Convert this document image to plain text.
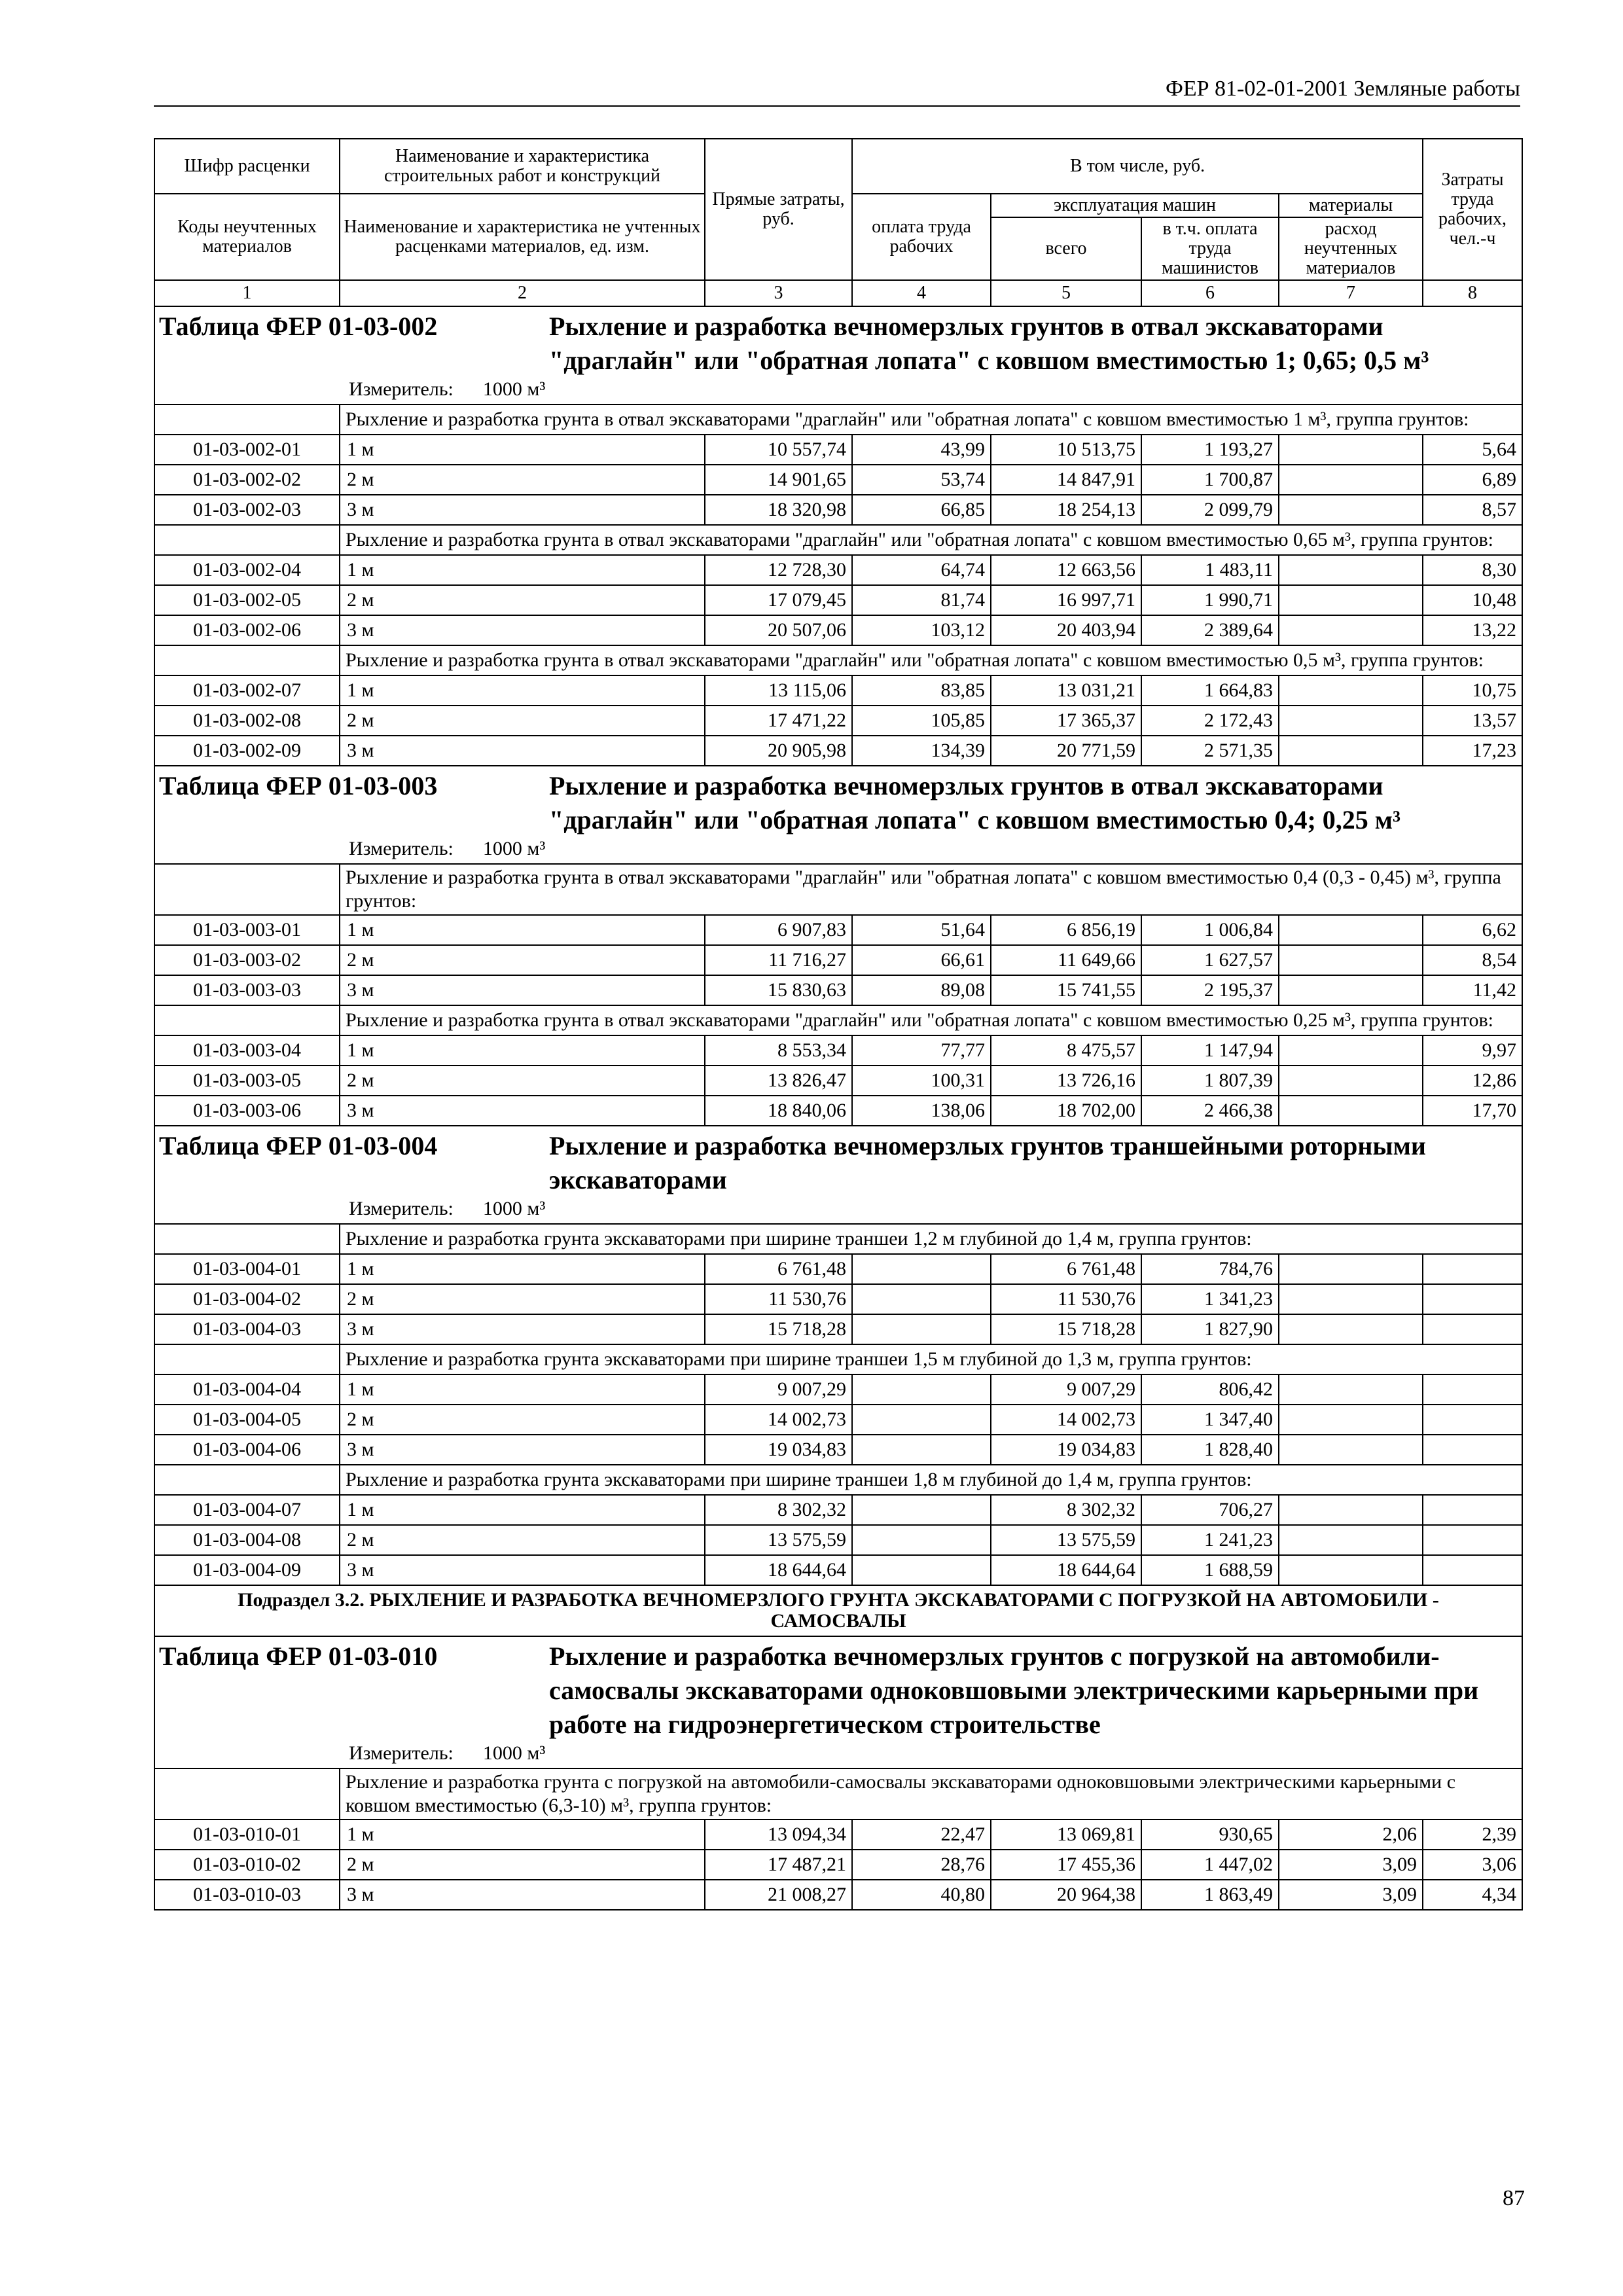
ФЕР 81-02-01-2001 Земляные работы
Шифр расценки	Наименование и характеристика строительных работ и конструкций	Прямые затраты, руб.	В том числе, руб.				Затраты труда рабочих, чел.-ч
Коды неучтенных материалов	Наименование и характеристика не учтенных расценками материалов, ед. изм.						
			оплата труда рабочих	эксплуатация машин		материалы	
				всего	в т.ч. оплата труда машинистов	расход неучтенных материалов	
1	2	3	4	5	6	7	8

Таблица ФЕР 01-03-002 Рыхление и разработка вечномерзлых грунтов в отвал экскаваторами "драглайн" или "обратная лопата" с ковшом вместимостью 1; 0,65; 0,5 м³
Измеритель: 1000 м³							

	Рыхление и разработка грунта в отвал экскаваторами "драглайн" или "обратная лопата" с ковшом вместимостью 1 м³, группа грунтов:						
01-03-002-01	1 м	10 557,74	43,99	10 513,75	1 193,27		5,64
01-03-002-02	2 м	14 901,65	53,74	14 847,91	1 700,87		6,89
01-03-002-03	3 м	18 320,98	66,85	18 254,13	2 099,79		8,57
	Рыхление и разработка грунта в отвал экскаваторами "драглайн" или "обратная лопата" с ковшом вместимостью 0,65 м³, группа грунтов:						
01-03-002-04	1 м	12 728,30	64,74	12 663,56	1 483,11		8,30
01-03-002-05	2 м	17 079,45	81,74	16 997,71	1 990,71		10,48
01-03-002-06	3 м	20 507,06	103,12	20 403,94	2 389,64		13,22
	Рыхление и разработка грунта в отвал экскаваторами "драглайн" или "обратная лопата" с ковшом вместимостью 0,5 м³, группа грунтов:						
01-03-002-07	1 м	13 115,06	83,85	13 031,21	1 664,83		10,75
01-03-002-08	2 м	17 471,22	105,85	17 365,37	2 172,43		13,57
01-03-002-09	3 м	20 905,98	134,39	20 771,59	2 571,35		17,23

Таблица ФЕР 01-03-003 Рыхление и разработка вечномерзлых грунтов в отвал экскаваторами "драглайн" или "обратная лопата" с ковшом вместимостью 0,4; 0,25 м³
Измеритель: 1000 м³							

	Рыхление и разработка грунта в отвал экскаваторами "драглайн" или "обратная лопата" с ковшом вместимостью 0,4 (0,3 - 0,45) м³, группа грунтов:						
01-03-003-01	1 м	6 907,83	51,64	6 856,19	1 006,84		6,62
01-03-003-02	2 м	11 716,27	66,61	11 649,66	1 627,57		8,54
01-03-003-03	3 м	15 830,63	89,08	15 741,55	2 195,37		11,42
	Рыхление и разработка грунта в отвал экскаваторами "драглайн" или "обратная лопата" с ковшом вместимостью 0,25 м³, группа грунтов:						
01-03-003-04	1 м	8 553,34	77,77	8 475,57	1 147,94		9,97
01-03-003-05	2 м	13 826,47	100,31	13 726,16	1 807,39		12,86
01-03-003-06	3 м	18 840,06	138,06	18 702,00	2 466,38		17,70

Таблица ФЕР 01-03-004 Рыхление и разработка вечномерзлых грунтов траншейными роторными экскаваторами
Измеритель: 1000 м³							

	Рыхление и разработка грунта экскаваторами при ширине траншеи 1,2 м глубиной до 1,4 м, группа грунтов:						
01-03-004-01	1 м	6 761,48		6 761,48	784,76		
01-03-004-02	2 м	11 530,76		11 530,76	1 341,23		
01-03-004-03	3 м	15 718,28		15 718,28	1 827,90		
	Рыхление и разработка грунта экскаваторами при ширине траншеи 1,5 м глубиной до 1,3 м, группа грунтов:						
01-03-004-04	1 м	9 007,29		9 007,29	806,42		
01-03-004-05	2 м	14 002,73		14 002,73	1 347,40		
01-03-004-06	3 м	19 034,83		19 034,83	1 828,40		
	Рыхление и разработка грунта экскаваторами при ширине траншеи 1,8 м глубиной до 1,4 м, группа грунтов:						
01-03-004-07	1 м	8 302,32		8 302,32	706,27		
01-03-004-08	2 м	13 575,59		13 575,59	1 241,23		
01-03-004-09	3 м	18 644,64		18 644,64	1 688,59		
Подраздел 3.2. РЫХЛЕНИЕ И РАЗРАБОТКА ВЕЧНОМЕРЗЛОГО ГРУНТА ЭКСКАВАТОРАМИ С ПОГРУЗКОЙ НА АВТОМОБИЛИ - САМОСВАЛЫ							

Таблица ФЕР 01-03-010 Рыхление и разработка вечномерзлых грунтов с погрузкой на автомобили-самосвалы экскаваторами одноковшовыми электрическими карьерными при работе на гидроэнергетическом строительстве
Измеритель: 1000 м³							

	Рыхление и разработка грунта с погрузкой на автомобили-самосвалы экскаваторами одноковшовыми электрическими карьерными с ковшом вместимостью (6,3-10) м³, группа грунтов:						
01-03-010-01	1 м	13 094,34	22,47	13 069,81	930,65	2,06	2,39
01-03-010-02	2 м	17 487,21	28,76	17 455,36	1 447,02	3,09	3,06
01-03-010-03	3 м	21 008,27	40,80	20 964,38	1 863,49	3,09	4,34
87
